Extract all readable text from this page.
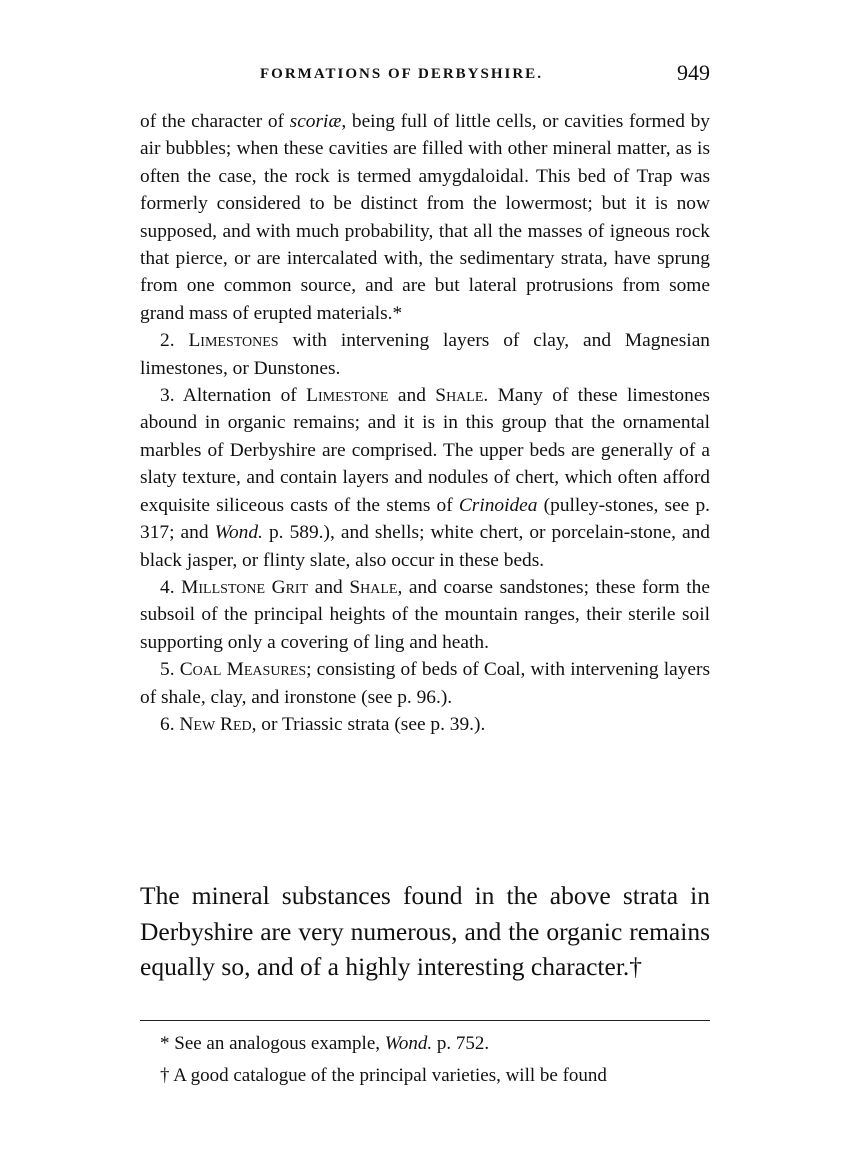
FORMATIONS OF DERBYSHIRE.	949

of the character of scoriæ, being full of little cells, or cavities formed by air bubbles; when these cavities are filled with other mineral matter, as is often the case, the rock is termed amygdaloidal. This bed of Trap was formerly considered to be distinct from the lowermost; but it is now supposed, and with much probability, that all the masses of igneous rock that pierce, or are intercalated with, the sedimentary strata, have sprung from one common source, and are but lateral protrusions from some grand mass of erupted materials.*

2. Limestones with intervening layers of clay, and Magnesian limestones, or Dunstones.

3. Alternation of Limestone and Shale. Many of these limestones abound in organic remains; and it is in this group that the ornamental marbles of Derbyshire are comprised. The upper beds are generally of a slaty texture, and contain layers and nodules of chert, which often afford exquisite siliceous casts of the stems of Crinoidea (pulley-stones, see p. 317; and Wond. p. 589.), and shells; white chert, or porcelain-stone, and black jasper, or flinty slate, also occur in these beds.

4. Millstone Grit and Shale, and coarse sandstones; these form the subsoil of the principal heights of the mountain ranges, their sterile soil supporting only a covering of ling and heath.

5. Coal Measures; consisting of beds of Coal, with intervening layers of shale, clay, and ironstone (see p. 96.).

6. New Red, or Triassic strata (see p. 39.).

The mineral substances found in the above strata in Derbyshire are very numerous, and the organic remains equally so, and of a highly interesting character.†

* See an analogous example, Wond. p. 752.

† A good catalogue of the principal varieties, will be found
